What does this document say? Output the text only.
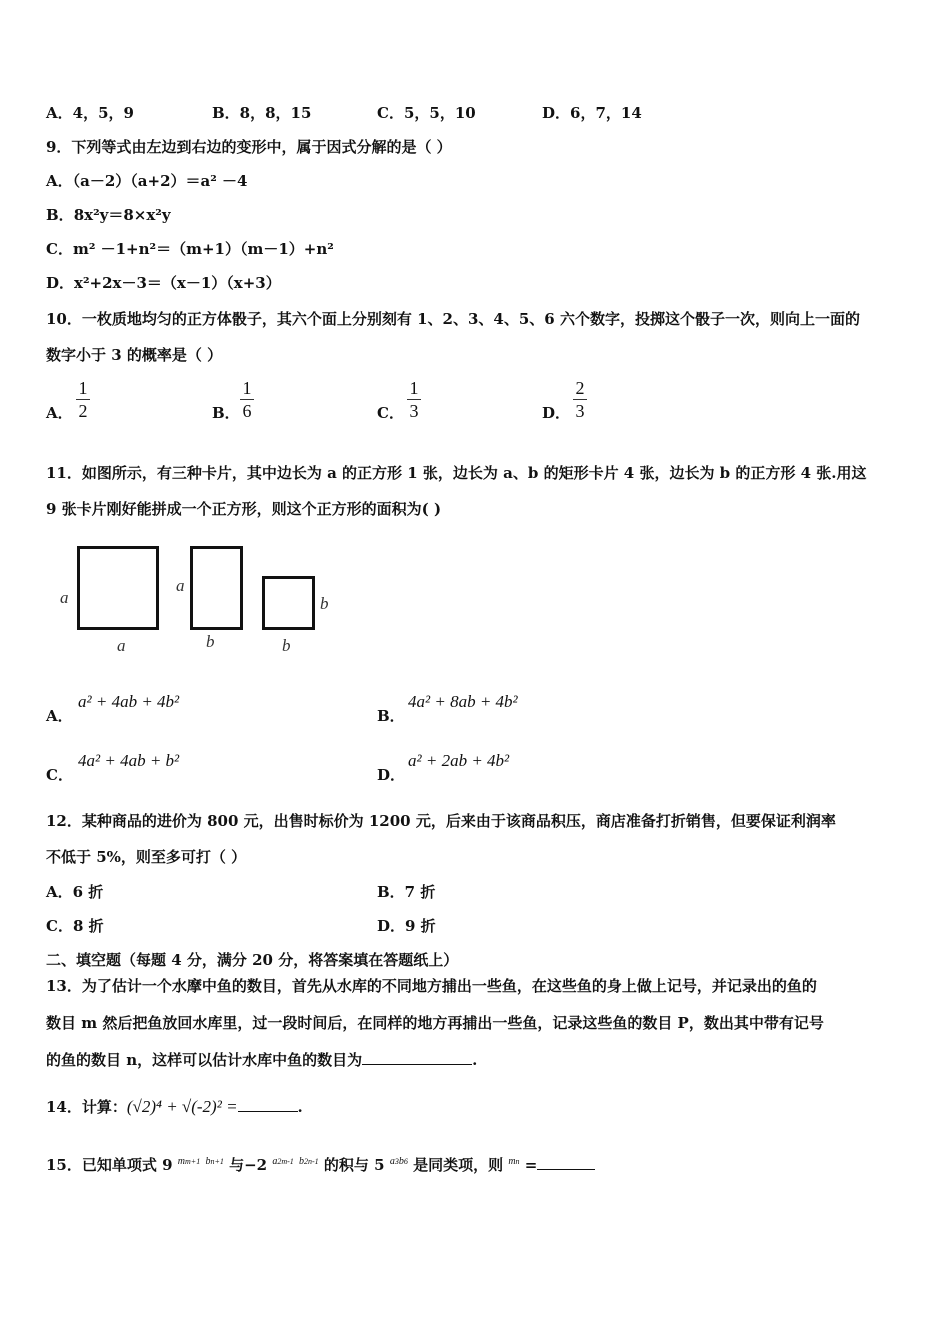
A．4，5，9	B．8，8，15	C．5，5，10	D．6，7，14
9．下列等式由左边到右边的变形中，属于因式分解的是（ ）
A．（a－2）（a+2）＝a² －4
B．8x²y＝8×x²y
C．m² －1+n²＝（m+1）（m－1）+n²
D．x²+2x－3＝（x－1）（x+3）
10．一枚质地均匀的正方体骰子，其六个面上分别刻有 1、2、3、4、5、6 六个数字，投掷这个骰子一次，则向上一面的
数字小于 3 的概率是（ ）
A．
1
2	B．
1
6	C．
1
3	D．
2
3
11．如图所示，有三种卡片，其中边长为 a 的正方形 1 张，边长为 a、b 的矩形卡片 4 张，边长为 b 的正方形 4 张.用这
9 张卡片刚好能拼成一个正方形，则这个正方形的面积为( )
a
a
a
b
b
b
A．
a² + 4ab + 4b²
B．
4a² + 8ab + 4b²
C．
4a² + 4ab + b²
D．
a² + 2ab + 4b²
12．某种商品的进价为 800 元，出售时标价为 1200 元，后来由于该商品积压，商店准备打折销售，但要保证利润率
不低于 5%，则至多可打（ ）
A．6 折	B．7 折
C．8 折	D．9 折
二、填空题（每题 4 分，满分 20 分，将答案填在答题纸上）
13．为了估计一个水摩中鱼的数目，首先从水库的不同地方捕出一些鱼，在这些鱼的身上做上记号，并记录出的鱼的
数目 m 然后把鱼放回水库里，过一段时间后，在同样的地方再捕出一些鱼，记录这些鱼的数目 P，数出其中带有记号
的鱼的数目 n，这样可以估计水库中鱼的数目为	.
14．计算：(√2)⁴ + √(-2)² =	.
15．已知单项式 9 $^{mm+1}$ $^{bn+1}$ 与−2 $^{a2m-1}$ $^{b2n-1}$ 的积与 5 $^{a3b6}$ 是同类项，则 $^{mn}$ =
